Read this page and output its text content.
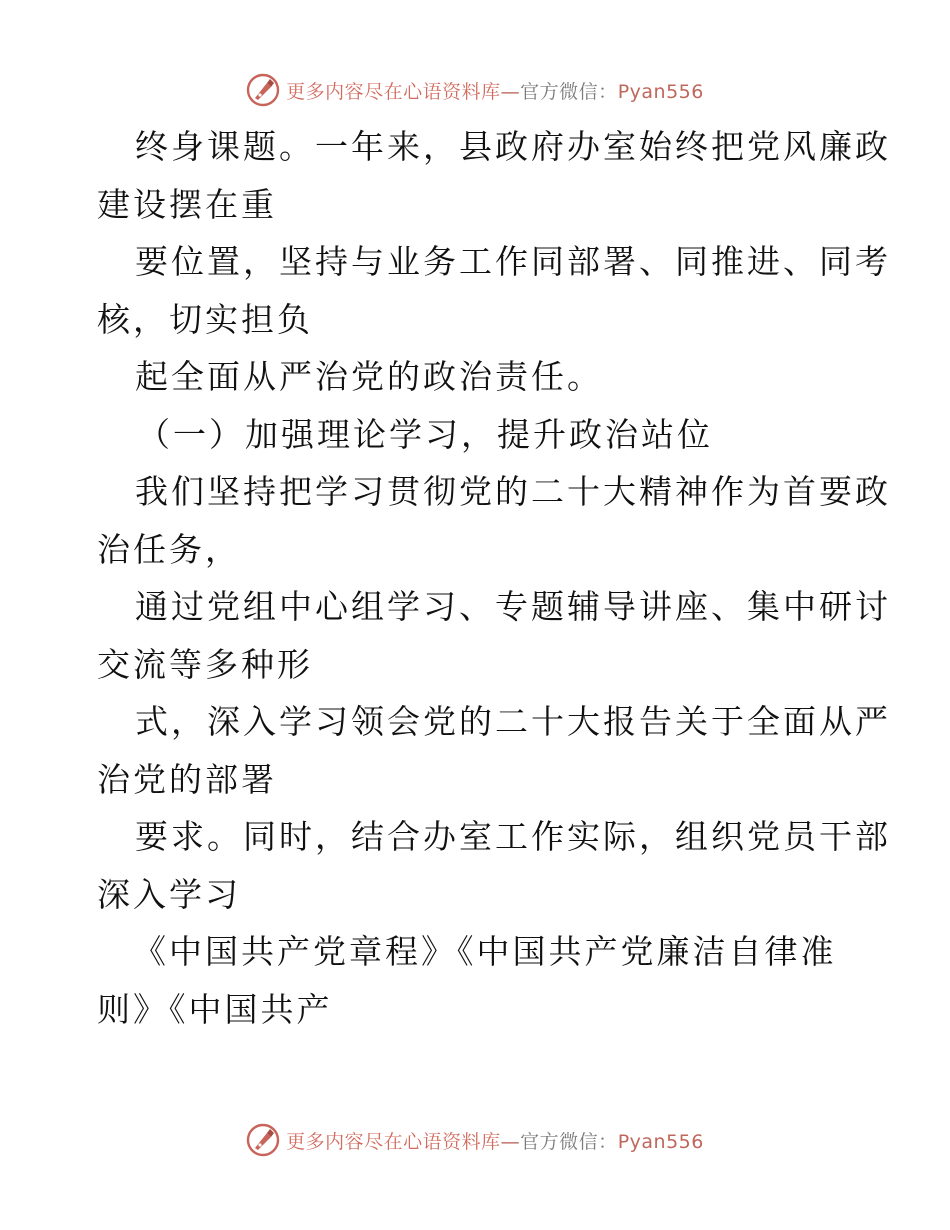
更多内容尽在心语资料库—官方微信：Pyan556
终身课题。一年来，县政府办室始终把党风廉政
建设摆在重
要位置，坚持与业务工作同部署、同推进、同考
核，切实担负
起全面从严治党的政治责任。
（一）加强理论学习，提升政治站位
我们坚持把学习贯彻党的二十大精神作为首要政
治任务，
通过党组中心组学习、专题辅导讲座、集中研讨
交流等多种形
式，深入学习领会党的二十大报告关于全面从严
治党的部署
要求。同时，结合办室工作实际，组织党员干部
深入学习
《中国共产党章程》《中国共产党廉洁自律准
则》《中国共产
更多内容尽在心语资料库—官方微信：Pyan556
